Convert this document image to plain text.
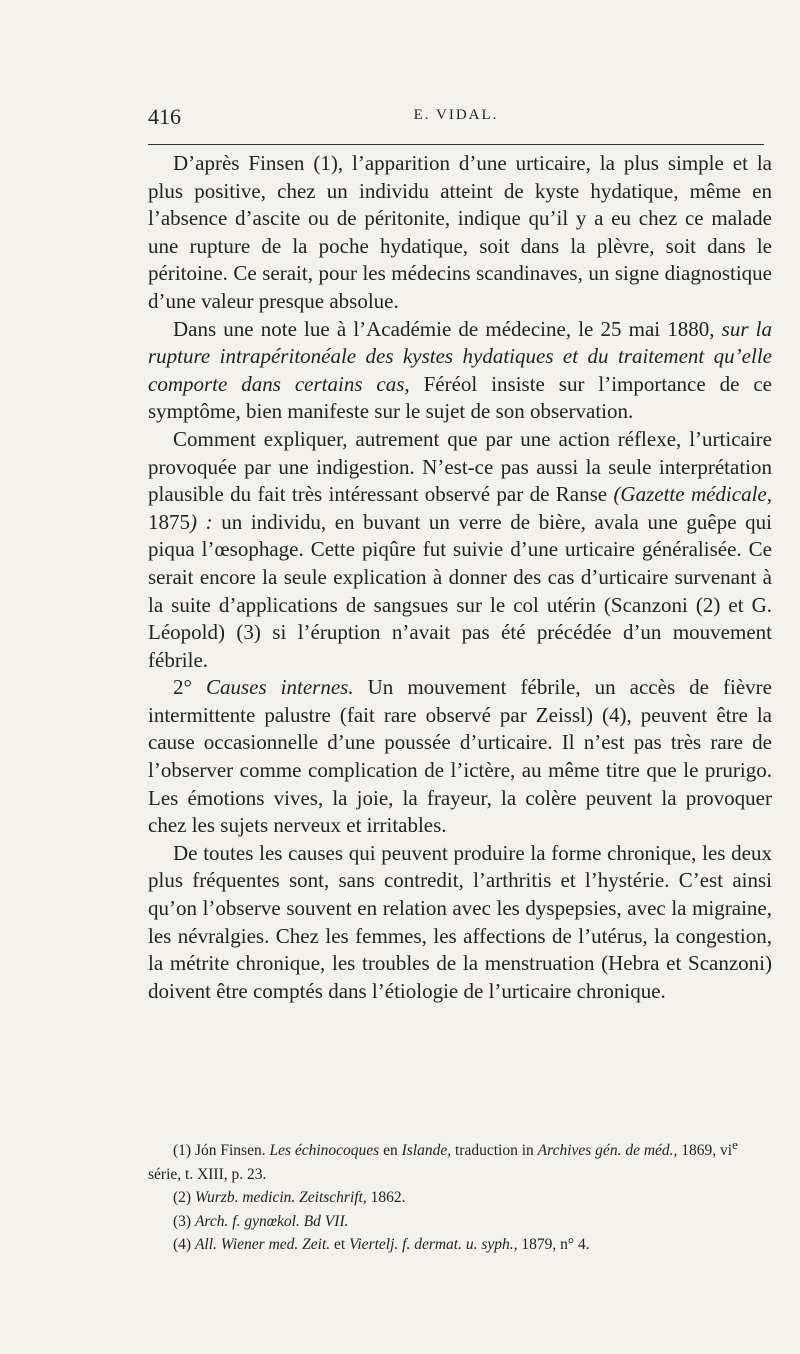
416	E. VIDAL.

D’après Finsen (1), l’apparition d’une urticaire, la plus simple et la plus positive, chez un individu atteint de kyste hydatique, même en l’absence d’ascite ou de péritonite, indique qu’il y a eu chez ce malade une rupture de la poche hydatique, soit dans la plèvre, soit dans le péritoine. Ce serait, pour les médecins scandinaves, un signe diagnostique d’une valeur presque absolue.

Dans une note lue à l’Académie de médecine, le 25 mai 1880, sur la rupture intrapéritonéale des kystes hydatiques et du traitement qu’elle comporte dans certains cas, Féréol insiste sur l’importance de ce symptôme, bien manifeste sur le sujet de son observation.

Comment expliquer, autrement que par une action réflexe, l’urticaire provoquée par une indigestion. N’est-ce pas aussi la seule interprétation plausible du fait très intéressant observé par de Ranse (Gazette médicale, 1875) : un individu, en buvant un verre de bière, avala une guêpe qui piqua l’œsophage. Cette piqûre fut suivie d’une urticaire généralisée. Ce serait encore la seule explication à donner des cas d’urticaire survenant à la suite d’applications de sangsues sur le col utérin (Scanzoni (2) et G. Léopold) (3) si l’éruption n’avait pas été précédée d’un mouvement fébrile.

2° Causes internes. Un mouvement fébrile, un accès de fièvre intermittente palustre (fait rare observé par Zeissl) (4), peuvent être la cause occasionnelle d’une poussée d’urticaire. Il n’est pas très rare de l’observer comme complication de l’ictère, au même titre que le prurigo. Les émotions vives, la joie, la frayeur, la colère peuvent la provoquer chez les sujets nerveux et irritables.

De toutes les causes qui peuvent produire la forme chronique, les deux plus fréquentes sont, sans contredit, l’arthritis et l’hystérie. C’est ainsi qu’on l’observe souvent en relation avec les dyspepsies, avec la migraine, les névralgies. Chez les femmes, les affections de l’utérus, la congestion, la métrite chronique, les troubles de la menstruation (Hebra et Scanzoni) doivent être comptés dans l’étiologie de l’urticaire chronique.

(1) Jón Finsen. Les échinocoques en Islande, traduction in Archives gén. de méd., 1869, $vi^e$ série, t. XIII, p. 23.

(2) Wurzb. medicin. Zeitschrift, 1862.

(3) Arch. f. gynœkol. Bd VII.

(4) All. Wiener med. Zeit. et Viertelj. f. dermat. u. syph., 1879, n° 4.
